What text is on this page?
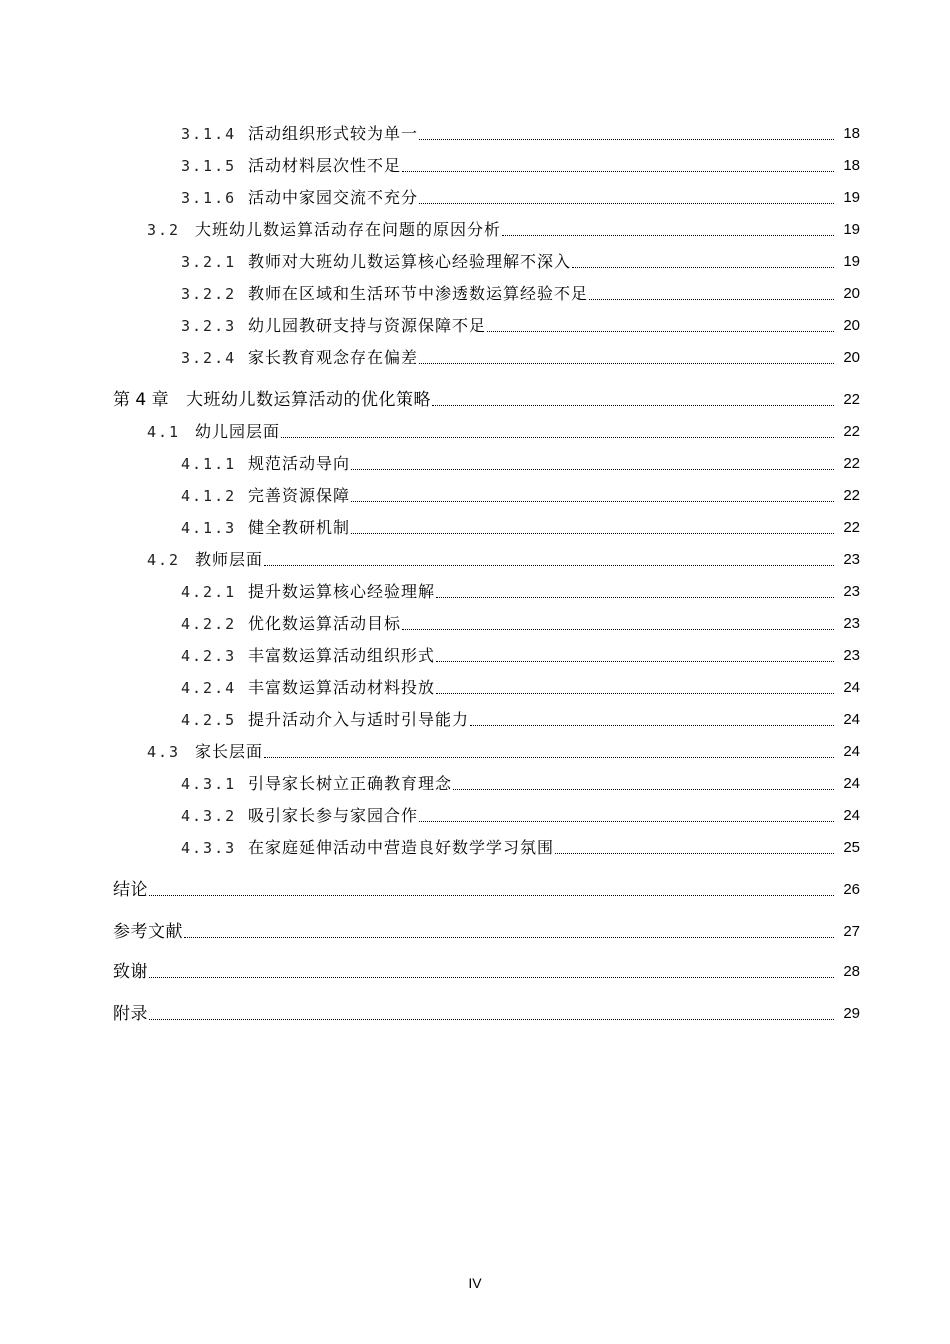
3.1.4 活动组织形式较为单一	18
3.1.5 活动材料层次性不足	18
3.1.6 活动中家园交流不充分	19
3.2 大班幼儿数运算活动存在问题的原因分析	19
3.2.1 教师对大班幼儿数运算核心经验理解不深入	19
3.2.2 教师在区域和生活环节中渗透数运算经验不足	20
3.2.3 幼儿园教研支持与资源保障不足	20
3.2.4 家长教育观念存在偏差	20
第 4 章	大班幼儿数运算活动的优化策略	22
4.1 幼儿园层面	22
4.1.1 规范活动导向	22
4.1.2 完善资源保障	22
4.1.3 健全教研机制	22
4.2 教师层面	23
4.2.1 提升数运算核心经验理解	23
4.2.2 优化数运算活动目标	23
4.2.3 丰富数运算活动组织形式	23
4.2.4 丰富数运算活动材料投放	24
4.2.5 提升活动介入与适时引导能力	24
4.3 家长层面	24
4.3.1 引导家长树立正确教育理念	24
4.3.2 吸引家长参与家园合作	24
4.3.3 在家庭延伸活动中营造良好数学学习氛围	25
结论	26
参考文献	27
致谢	28
附录	29
IV
